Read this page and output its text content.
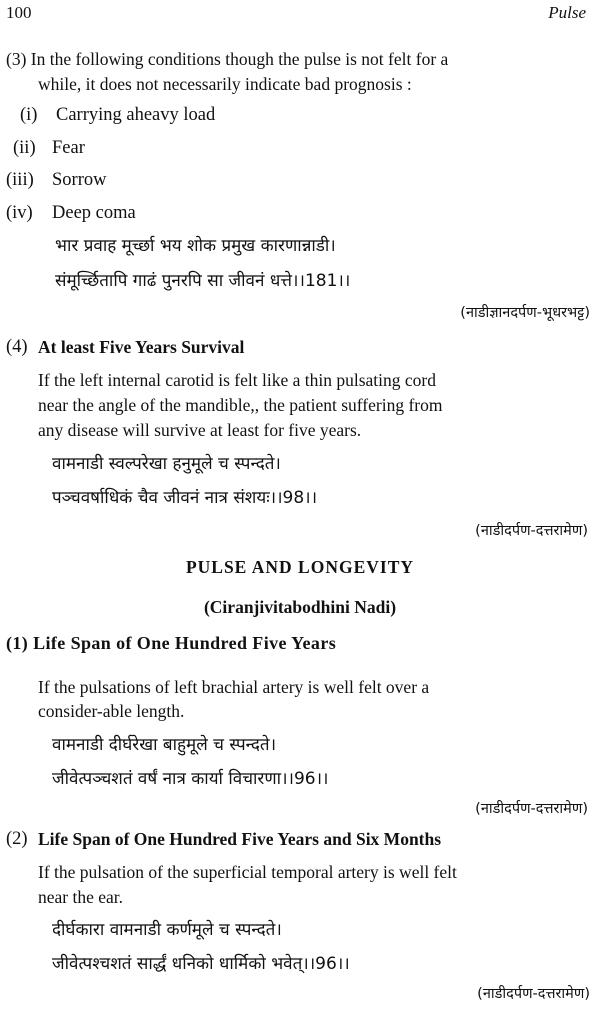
100	Pulse
(3) In the following conditions though the pulse is not felt for a
while, it does not necessarily indicate bad prognosis :
(i) Carrying aheavy load
(ii) Fear
(iii) Sorrow
(iv) Deep coma
भार प्रवाह मूर्च्छा भय शोक प्रमुख कारणान्नाडी।
संमूर्च्छितापि गाढं पुनरपि सा जीवनं धत्ते।।181।।
(नाडीज्ञानदर्पण-भूधरभट्ट)
(4) At least Five Years Survival
If the left internal carotid is felt like a thin pulsating cord
near the angle of the mandible,, the patient suffering from
any disease will survive at least for five years.
वामनाडी स्वल्परेखा हनुमूले च स्पन्दते।
पञ्चवर्षाधिकं चैव जीवनं नात्र संशयः।।98।।
(नाडीदर्पण-दत्तरामेण)
PULSE AND LONGEVITY
(Ciranjivitabodhini Nadi)
(1) Life Span of One Hundred Five Years
If the pulsations of left brachial artery is well felt over a
consider-able length.
वामनाडी दीर्घरेखा बाहुमूले च स्पन्दते।
जीवेत्पञ्चशतं वर्षं नात्र कार्या विचारणा।।96।।
(नाडीदर्पण-दत्तरामेण)
(2) Life Span of One Hundred Five Years and Six Months
If the pulsation of the superficial temporal artery is well felt
near the ear.
दीर्घकारा वामनाडी कर्णमूले च स्पन्दते।
जीवेत्पश्चशतं सार्द्धं धनिको धार्मिको भवेत्।।96।।
(नाडीदर्पण-दत्तरामेण)
